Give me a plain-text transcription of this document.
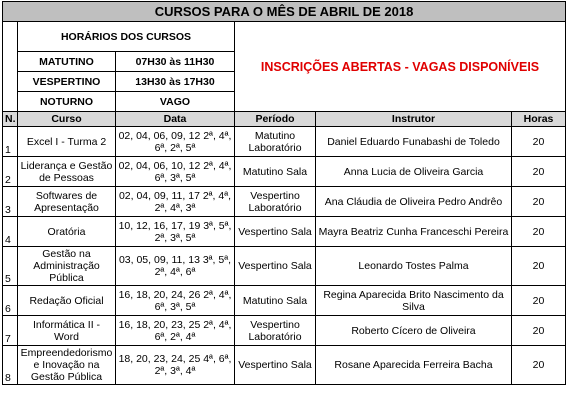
CURSOS PARA O MÊS DE ABRIL DE 2018					
	HORÁRIOS DOS CURSOS		INSCRIÇÕES ABERTAS - VAGAS DISPONÍVEIS		
	MATUTINO	07H30 às 11H30			
	VESPERTINO	13H30 às 17H30			
	NOTURNO	VAGO			
N.	Curso	Data	Período	Instrutor	Horas
1	Excel I - Turma 2	02, 04, 06, 09, 12 2ª, 4ª, 6ª, 2ª, 5ª	Matutino Laboratório	Daniel Eduardo Funabashi de Toledo	20
2	Liderança e Gestão de Pessoas	02, 04, 06, 10, 12 2ª, 4ª, 6ª, 3ª, 5ª	Matutino Sala	Anna Lucia de Oliveira Garcia	20
3	Softwares de Apresentação	02, 04, 09, 11, 17 2ª, 4ª, 2ª, 4ª, 3ª	Vespertino Laboratório	Ana Cláudia de Oliveira Pedro Andrêo	20
4	Oratória	10, 12, 16, 17, 19 3ª, 5ª, 2ª, 3ª, 5ª	Vespertino Sala	Mayra Beatriz Cunha Franceschi Pereira	20
5	Gestão na Administração Pública	03, 05, 09, 11, 13 3ª, 5ª, 2ª, 4ª, 6ª	Vespertino Sala	Leonardo Tostes Palma	20
6	Redação Oficial	16, 18, 20, 24, 26 2ª, 4ª, 6ª, 3ª, 5ª	Matutino Sala	Regina Aparecida Brito Nascimento da Silva	20
7	Informática II - Word	16, 18, 20, 23, 25 2ª, 4ª, 6ª, 2ª, 4ª	Vespertino Laboratório	Roberto Cícero de Oliveira	20
8	Empreendedorismo e Inovação na Gestão Pública	18, 20, 23, 24, 25 4ª, 6ª, 2ª, 3ª, 4ª	Vespertino Sala	Rosane Aparecida Ferreira Bacha	20
